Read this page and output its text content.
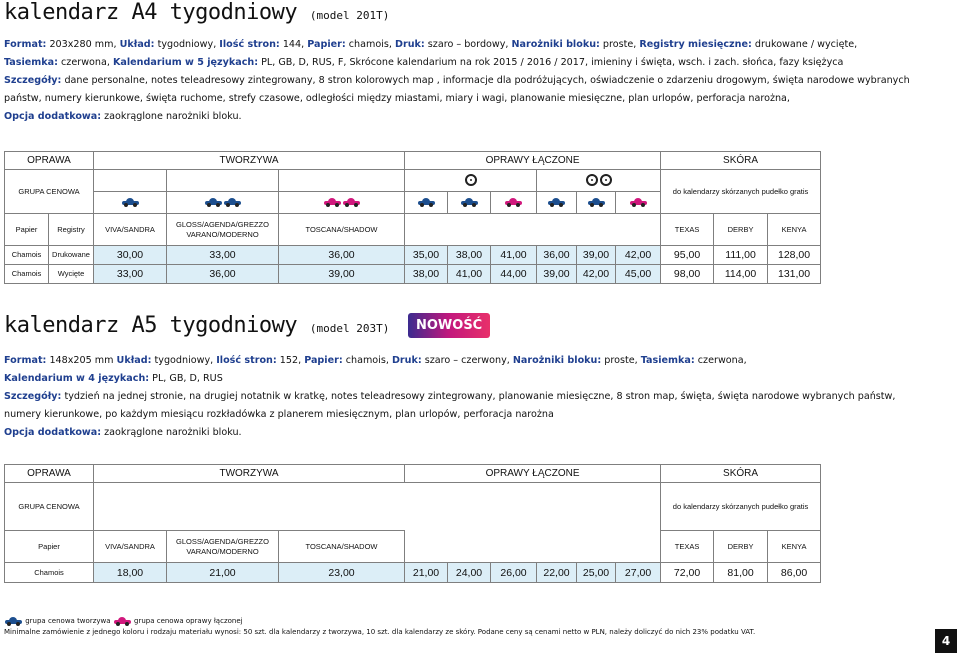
kalendarz A4 tygodniowy (model 201T)
Format: 203x280 mm, Układ: tygodniowy, Ilość stron: 144, Papier: chamois, Druk: szaro – bordowy, Narożniki bloku: proste, Registry miesięczne: drukowane / wycięte,
Tasiemka: czerwona, Kalendarium w 5 językach: PL, GB, D, RUS, F, Skrócone kalendarium na rok 2015 / 2016 / 2017, imieniny i święta, wsch. i zach. słońca, fazy księżyca
Szczegóły: dane personalne, notes teleadresowy zintegrowany, 8 stron kolorowych map , informacje dla podróżujących, oświadczenie o zdarzeniu drogowym, święta narodowe wybranych
państw, numery kierunkowe, święta ruchome, strefy czasowe, odległości między miastami, miary i wagi, planowanie miesięczne, plan urlopów, perforacja narożna,
Opcja dodatkowa: zaokrąglone narożniki bloku.
OPRAWA		TWORZYWA			OPRAWY ŁĄCZONE						SKÓRA		
GRUPA CENOWA											do kalendarzy skórzanych pudełko gratis		

Papier	Registry	VIVA/SANDRA	GLOSS/AGENDA/GREZZO VARANO/MODERNO	TOSCANA/SHADOW							TEXAS	DERBY	KENYA
Chamois	Drukowane	30,00	33,00	36,00	35,00	38,00	41,00	36,00	39,00	42,00	95,00	111,00	128,00
Chamois	Wycięte	33,00	36,00	39,00	38,00	41,00	44,00	39,00	42,00	45,00	98,00	114,00	131,00
kalendarz A5 tygodniowy (model 203T)	NOWOŚĆ
Format: 148x205 mm Układ: tygodniowy, Ilość stron: 152, Papier: chamois, Druk: szaro – czerwony, Narożniki bloku: proste, Tasiemka: czerwona,
Kalendarium w 4 językach: PL, GB, D, RUS
Szczegóły: tydzień na jednej stronie, na drugiej notatnik w kratkę, notes teleadresowy zintegrowany, planowanie miesięczne, 8 stron map, święta, święta narodowe wybranych państw,
numery kierunkowe, po każdym miesiącu rozkładówka z planerem miesięcznym, plan urlopów, perforacja narożna
Opcja dodatkowa: zaokrąglone narożniki bloku.
OPRAWA	TWORZYWA			OPRAWY ŁĄCZONE						SKÓRA		
GRUPA CENOWA										do kalendarzy skórzanych pudełko gratis		
Papier	VIVA/SANDRA	GLOSS/AGENDA/GREZZO VARANO/MODERNO	TOSCANA/SHADOW							TEXAS	DERBY	KENYA
Chamois	18,00	21,00	23,00	21,00	24,00	26,00	22,00	25,00	27,00	72,00	81,00	86,00
grupa cenowa tworzywa	grupa cenowa oprawy łączonej
Minimalne zamówienie z jednego koloru i rodzaju materiału wynosi: 50 szt. dla kalendarzy z tworzywa, 10 szt. dla kalendarzy ze skóry. Podane ceny są cenami netto w PLN, należy doliczyć do nich 23% podatku VAT.
4
